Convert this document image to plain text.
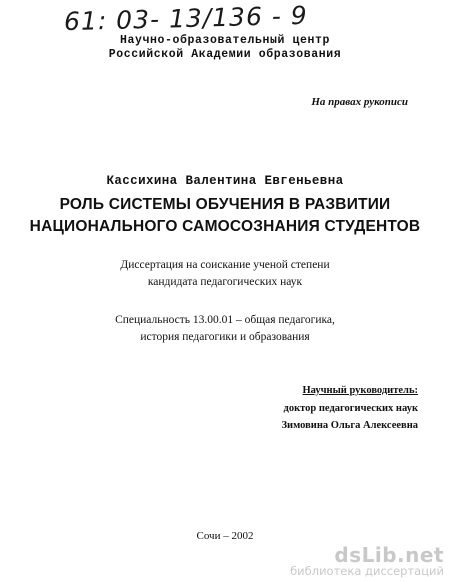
61: 03- 13/136 - 9
Научно-образовательный центр
Российской Академии образования
На правах рукописи
Кассихина Валентина Евгеньевна
РОЛЬ СИСТЕМЫ ОБУЧЕНИЯ В РАЗВИТИИ
НАЦИОНАЛЬНОГО САМОСОЗНАНИЯ СТУДЕНТОВ
Диссертация на соискание ученой степени
кандидата педагогических наук
Специальность 13.00.01 – общая педагогика,
история педагогики и образования
Научный руководитель:
доктор педагогических наук
Зимовина Ольга Алексеевна
Сочи – 2002
dsLib.net
библиотека диссертаций
